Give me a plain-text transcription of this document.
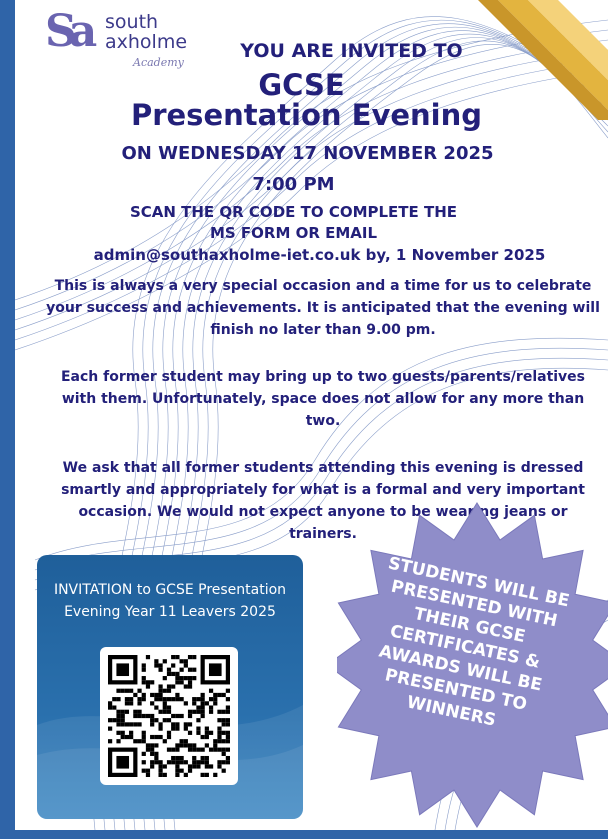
Sa south
axholme
Academy
YOU ARE INVITED TO
GCSE
Presentation Evening
ON WEDNESDAY 17 NOVEMBER 2025
7:00 PM
SCAN THE QR CODE TO COMPLETE THE
MS FORM OR EMAIL
admin@southaxholme-iet.co.uk by, 1 November 2025
This is always a very special occasion and a time for us to celebrate your success and achievements. It is anticipated that the evening will finish no later than 9.00 pm.
Each former student may bring up to two guests/parents/relatives with them. Unfortunately, space does not allow for any more than two.
We ask that all former students attending this evening is dressed smartly and appropriately for what is a formal and very important occasion. We would not expect anyone to be wearing jeans or trainers.
INVITATION to GCSE Presentation Evening Year 11 Leavers 2025
STUDENTS WILL BE PRESENTED WITH THEIR GCSE CERTIFICATES & AWARDS WILL BE PRESENTED TO WINNERS
